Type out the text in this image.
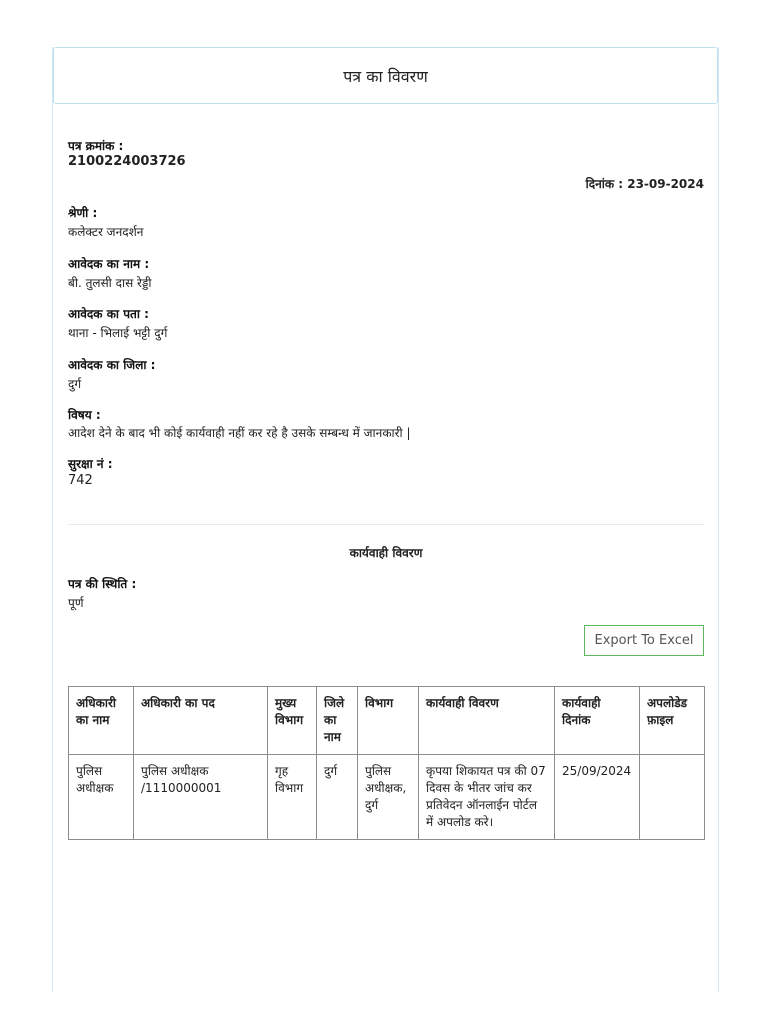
पत्र का विवरण
पत्र क्रमांक :
2100224003726
दिनांक : 23-09-2024
श्रेणी :
कलेक्टर जनदर्शन
आवेदक का नाम :
बी. तुलसी दास रेड्डी
आवेदक का पता :
थाना - भिलाई भट्टी दुर्ग
आवेदक का जिला :
दुर्ग
विषय :
आदेश देने के बाद भी कोई कार्यवाही नहीं कर रहे है उसके सम्बन्ध में जानकारी |
सुरक्षा नं :
742
कार्यवाही विवरण
पत्र की स्थिति :
पूर्ण
Export To Excel
अधिकारी का नाम	अधिकारी का पद	मुख्य विभाग	जिले का नाम	विभाग	कार्यवाही विवरण	कार्यवाही दिनांक	अपलोडेड फ़ाइल
पुलिस अधीक्षक	पुलिस अधीक्षक /1110000001	गृह विभाग	दुर्ग	पुलिस अधीक्षक, दुर्ग	कृपया शिकायत पत्र की 07 दिवस के भीतर जांच कर प्रतिवेदन ऑनलाईन पोर्टल में अपलोड करे।	25/09/2024	
